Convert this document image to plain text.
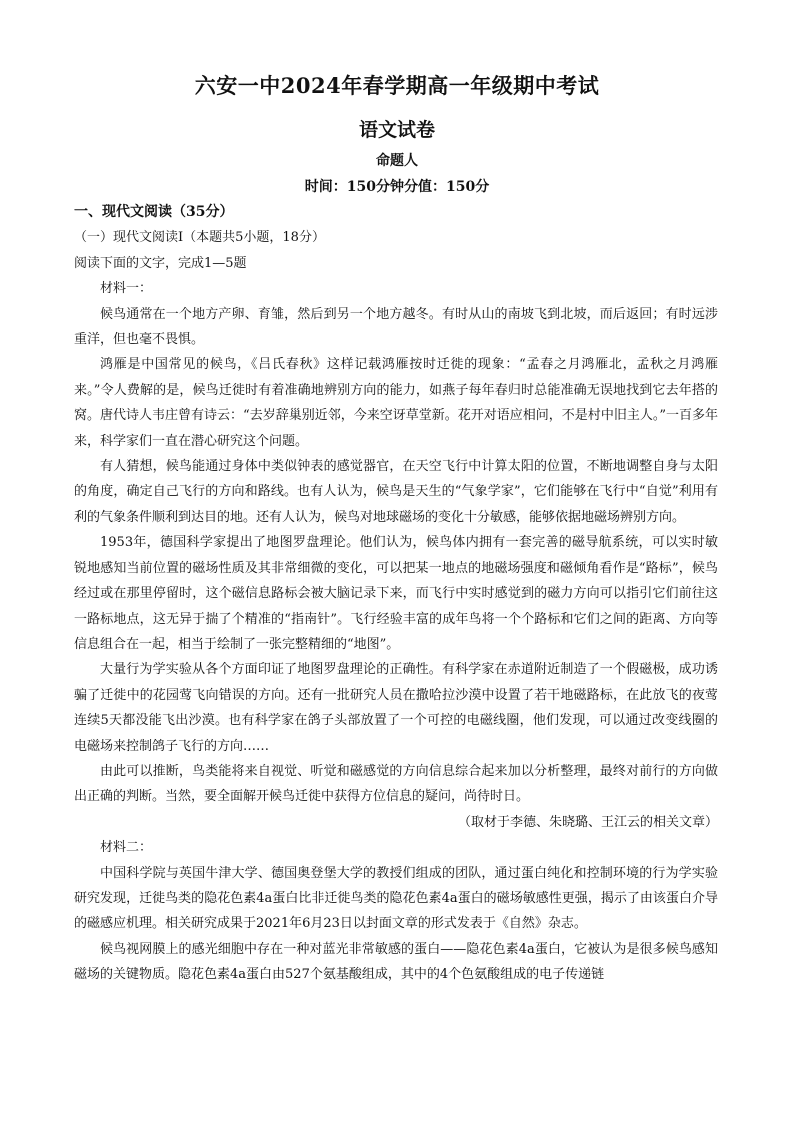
六安一中2024年春学期高一年级期中考试
语文试卷
命题人
时间：150分钟分值：150分

一、现代文阅读（35分）

（一）现代文阅读Ⅰ（本题共5小题，18分）

阅读下面的文字，完成1—5题

材料一：

候鸟通常在一个地方产卵、育雏，然后到另一个地方越冬。有时从山的南坡飞到北坡，而后返回；有时远涉重洋，但也毫不畏惧。

鸿雁是中国常见的候鸟，《吕氏春秋》这样记载鸿雁按时迁徙的现象：“孟春之月鸿雁北，孟秋之月鸿雁来。”令人费解的是，候鸟迁徙时有着准确地辨别方向的能力，如燕子每年春归时总能准确无误地找到它去年搭的窝。唐代诗人韦庄曾有诗云：“去岁辞巢别近邻，今来空讶草堂新。花开对语应相问，不是村中旧主人。”一百多年来，科学家们一直在潜心研究这个问题。

有人猜想，候鸟能通过身体中类似钟表的感觉器官，在天空飞行中计算太阳的位置，不断地调整自身与太阳的角度，确定自己飞行的方向和路线。也有人认为，候鸟是天生的“气象学家”，它们能够在飞行中“自觉”利用有利的气象条件顺利到达目的地。还有人认为，候鸟对地球磁场的变化十分敏感，能够依据地磁场辨别方向。

1953年，德国科学家提出了地图罗盘理论。他们认为，候鸟体内拥有一套完善的磁导航系统，可以实时敏锐地感知当前位置的磁场性质及其非常细微的变化，可以把某一地点的地磁场强度和磁倾角看作是“路标”，候鸟经过或在那里停留时，这个磁信息路标会被大脑记录下来，而飞行中实时感觉到的磁力方向可以指引它们前往这一路标地点，这无异于揣了个精准的“指南针”。飞行经验丰富的成年鸟将一个个路标和它们之间的距离、方向等信息组合在一起，相当于绘制了一张完整精细的“地图”。

大量行为学实验从各个方面印证了地图罗盘理论的正确性。有科学家在赤道附近制造了一个假磁极，成功诱骗了迁徙中的花园莺飞向错误的方向。还有一批研究人员在撒哈拉沙漠中设置了若干地磁路标，在此放飞的夜莺连续5天都没能飞出沙漠。也有科学家在鸽子头部放置了一个可控的电磁线圈，他们发现，可以通过改变线圈的电磁场来控制鸽子飞行的方向……

由此可以推断，鸟类能将来自视觉、听觉和磁感觉的方向信息综合起来加以分析整理，最终对前行的方向做出正确的判断。当然，要全面解开候鸟迁徙中获得方位信息的疑问，尚待时日。

（取材于李德、朱晓璐、王江云的相关文章）

材料二：

中国科学院与英国牛津大学、德国奥登堡大学的教授们组成的团队，通过蛋白纯化和控制环境的行为学实验研究发现，迁徙鸟类的隐花色素4a蛋白比非迁徙鸟类的隐花色素4a蛋白的磁场敏感性更强，揭示了由该蛋白介导的磁感应机理。相关研究成果于2021年6月23日以封面文章的形式发表于《自然》杂志。

候鸟视网膜上的感光细胞中存在一种对蓝光非常敏感的蛋白——隐花色素4a蛋白，它被认为是很多候鸟感知磁场的关键物质。隐花色素4a蛋白由527个氨基酸组成，其中的4个色氨酸组成的电子传递链
